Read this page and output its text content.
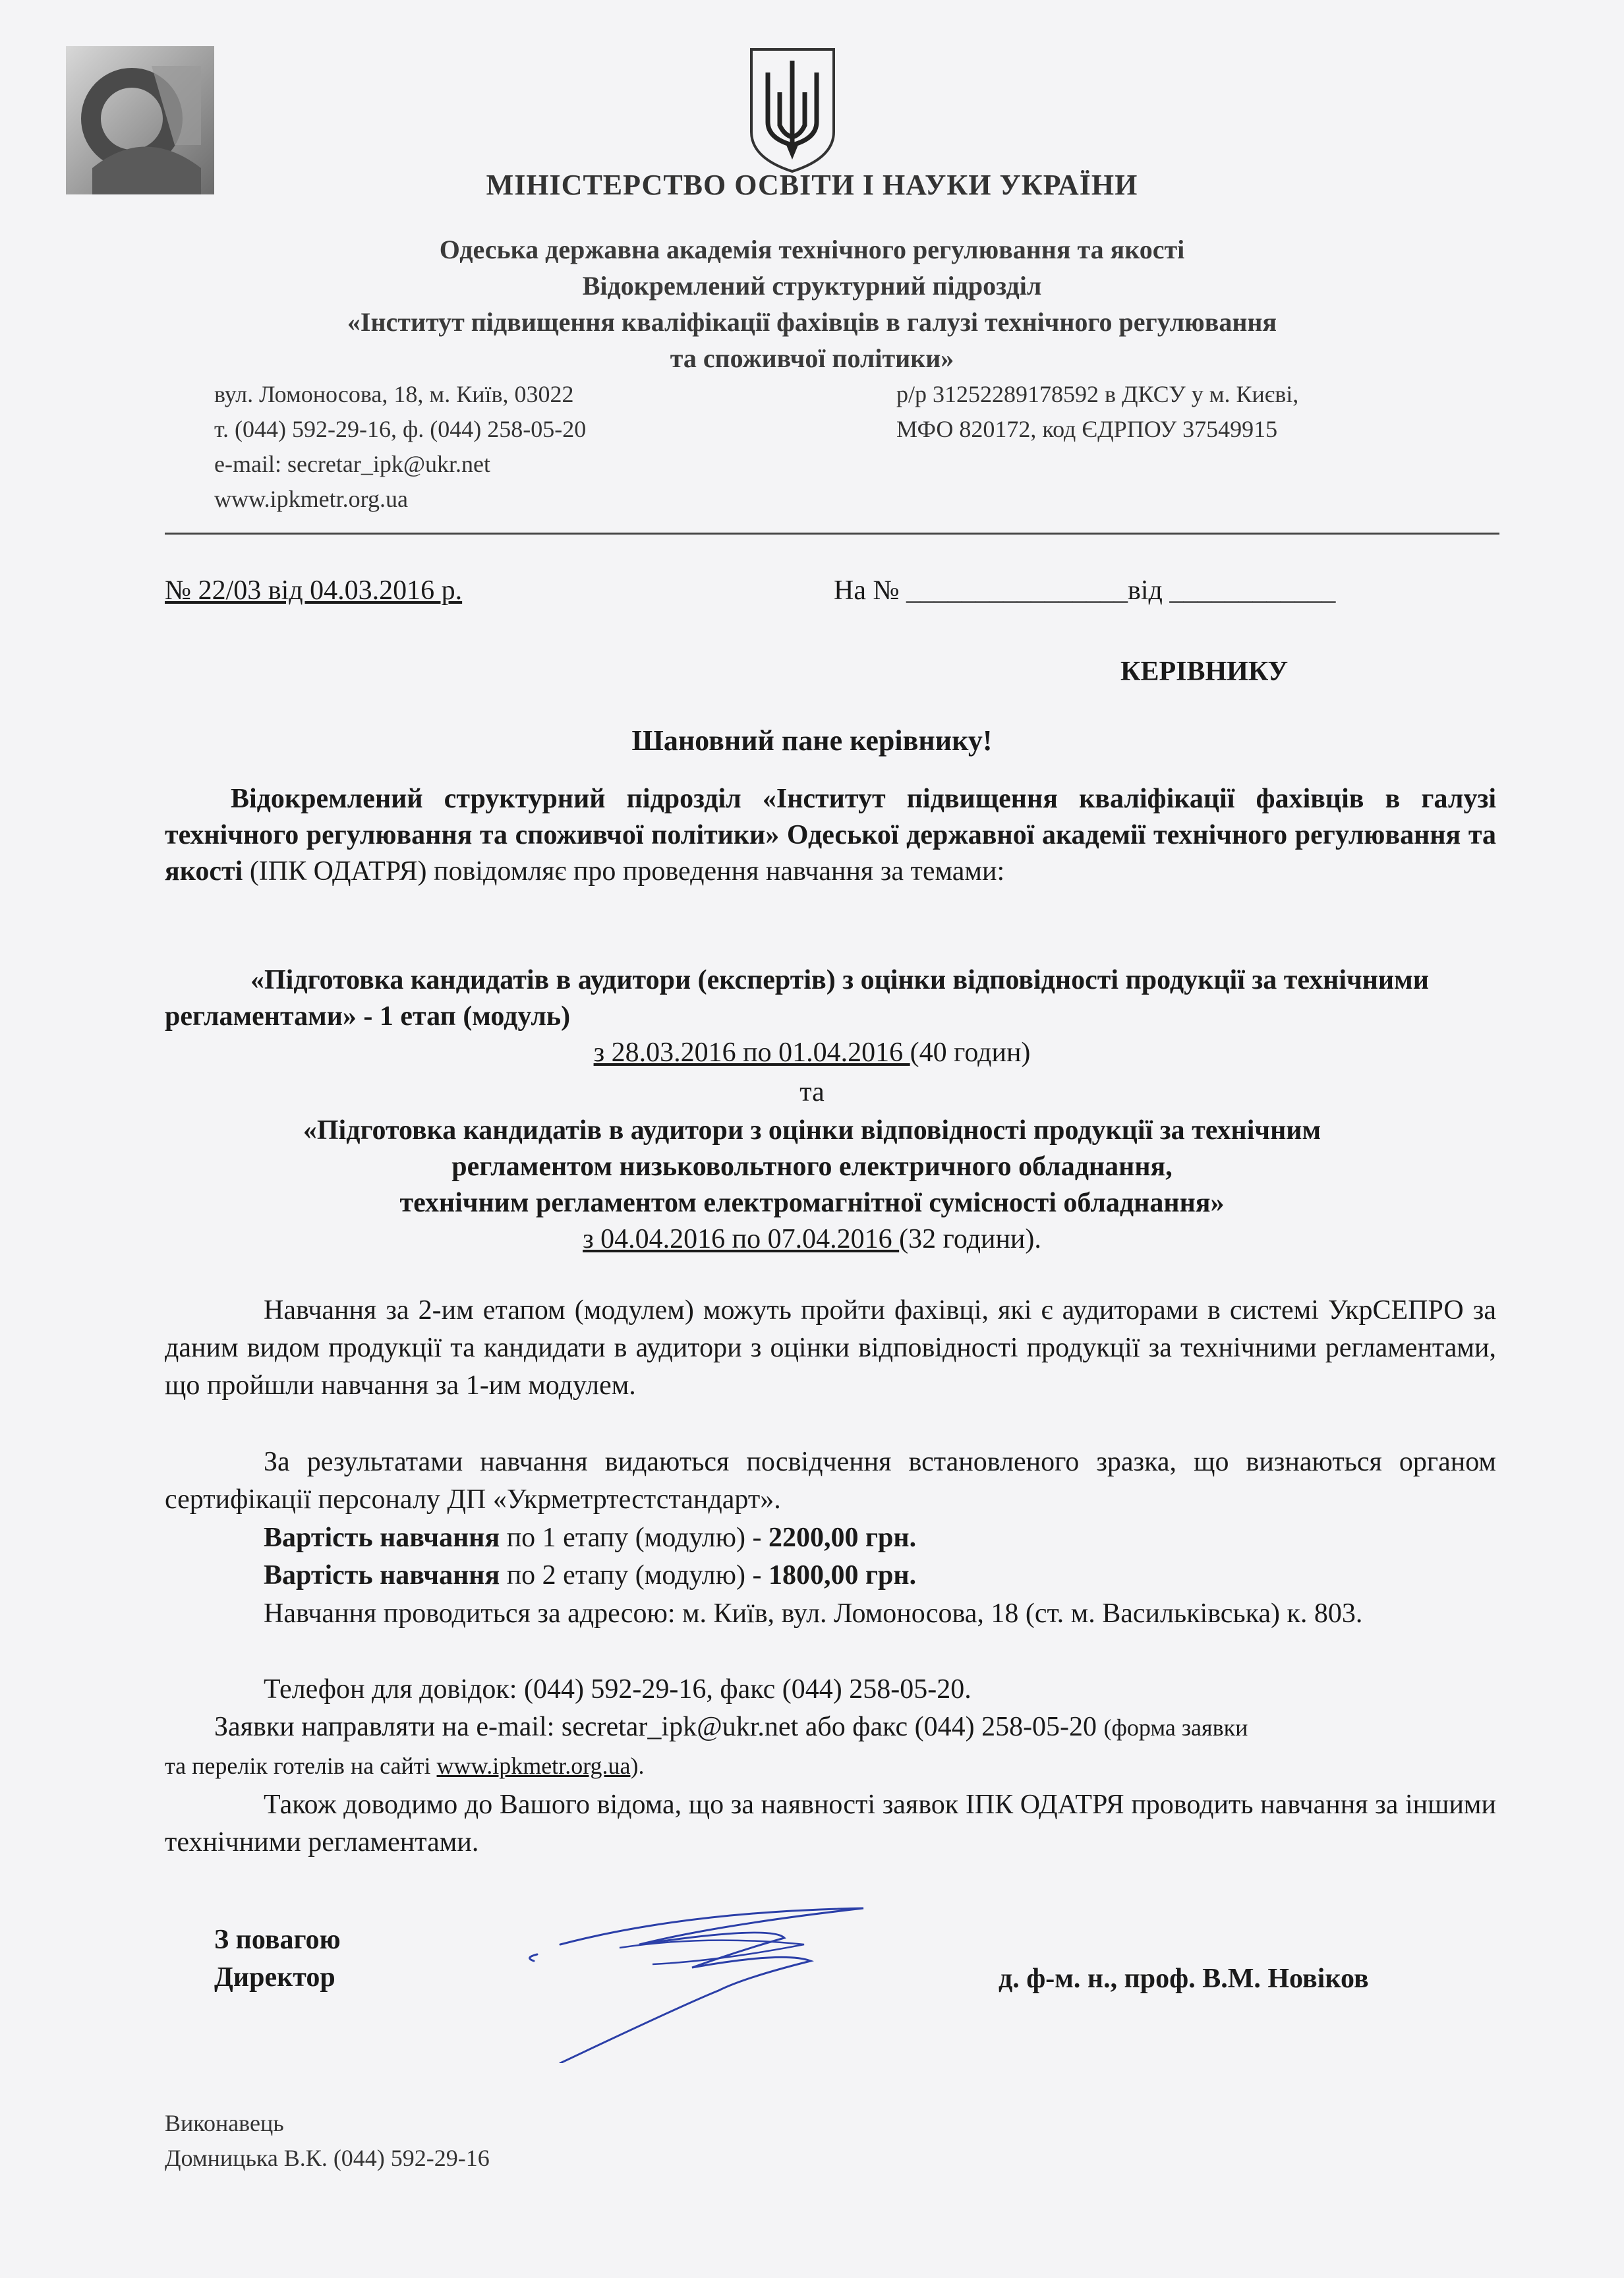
МІНІСТЕРСТВО ОСВІТИ І НАУКИ УКРАЇНИ
Одеська державна академія технічного регулювання та якості
Відокремлений структурний підрозділ
«Інститут підвищення кваліфікації фахівців в галузі технічного регулювання
та споживчої політики»
вул. Ломоносова, 18, м. Київ, 03022
т. (044) 592-29-16, ф. (044) 258-05-20
e-mail: secretar_ipk@ukr.net
www.ipkmetr.org.ua
р/р 31252289178592 в ДКСУ у м. Києві,
МФО 820172, код ЄДРПОУ 37549915
№ 22/03 від 04.03.2016 р.	На № ________________від ____________
КЕРІВНИКУ
Шановний пане керівнику!
Відокремлений структурний підрозділ «Інститут підвищення кваліфікації фахівців в галузі технічного регулювання та споживчої політики» Одеської державної академії технічного регулювання та якості (ІПК ОДАТРЯ) повідомляє про проведення навчання за темами:
«Підготовка кандидатів в аудитори (експертів) з оцінки відповідності продукції за технічними регламентами» - 1 етап (модуль)
з 28.03.2016 по 01.04.2016 (40 годин)
та
«Підготовка кандидатів в аудитори з оцінки відповідності продукції за технічним
регламентом низьковольтного електричного обладнання,
технічним регламентом електромагнітної сумісності обладнання»
з 04.04.2016 по 07.04.2016 (32 години).
Навчання за 2-им етапом (модулем) можуть пройти фахівці, які є аудиторами в системі УкрСЕПРО за даним видом продукції та кандидати в аудитори з оцінки відповідності продукції за технічними регламентами, що пройшли навчання за 1-им модулем.
За результатами навчання видаються посвідчення встановленого зразка, що визнаються органом сертифікації персоналу ДП «Укрметртестстандарт».
Вартість навчання по 1 етапу (модулю) - 2200,00 грн.
Вартість навчання по 2 етапу (модулю) - 1800,00 грн.
Навчання проводиться за адресою: м. Київ, вул. Ломоносова, 18 (ст. м. Васильківська) к. 803.
Телефон для довідок: (044) 592-29-16, факс (044) 258-05-20.
Заявки направляти на e-mail: secretar_ipk@ukr.net або факс (044) 258-05-20 (форма заявки
та перелік готелів на сайті www.ipkmetr.org.ua).
Також доводимо до Вашого відома, що за наявності заявок ІПК ОДАТРЯ проводить навчання за іншими технічними регламентами.
З повагою
Директор	д. ф-м. н., проф. В.М. Новіков
Виконавець
Домницька В.К. (044) 592-29-16
